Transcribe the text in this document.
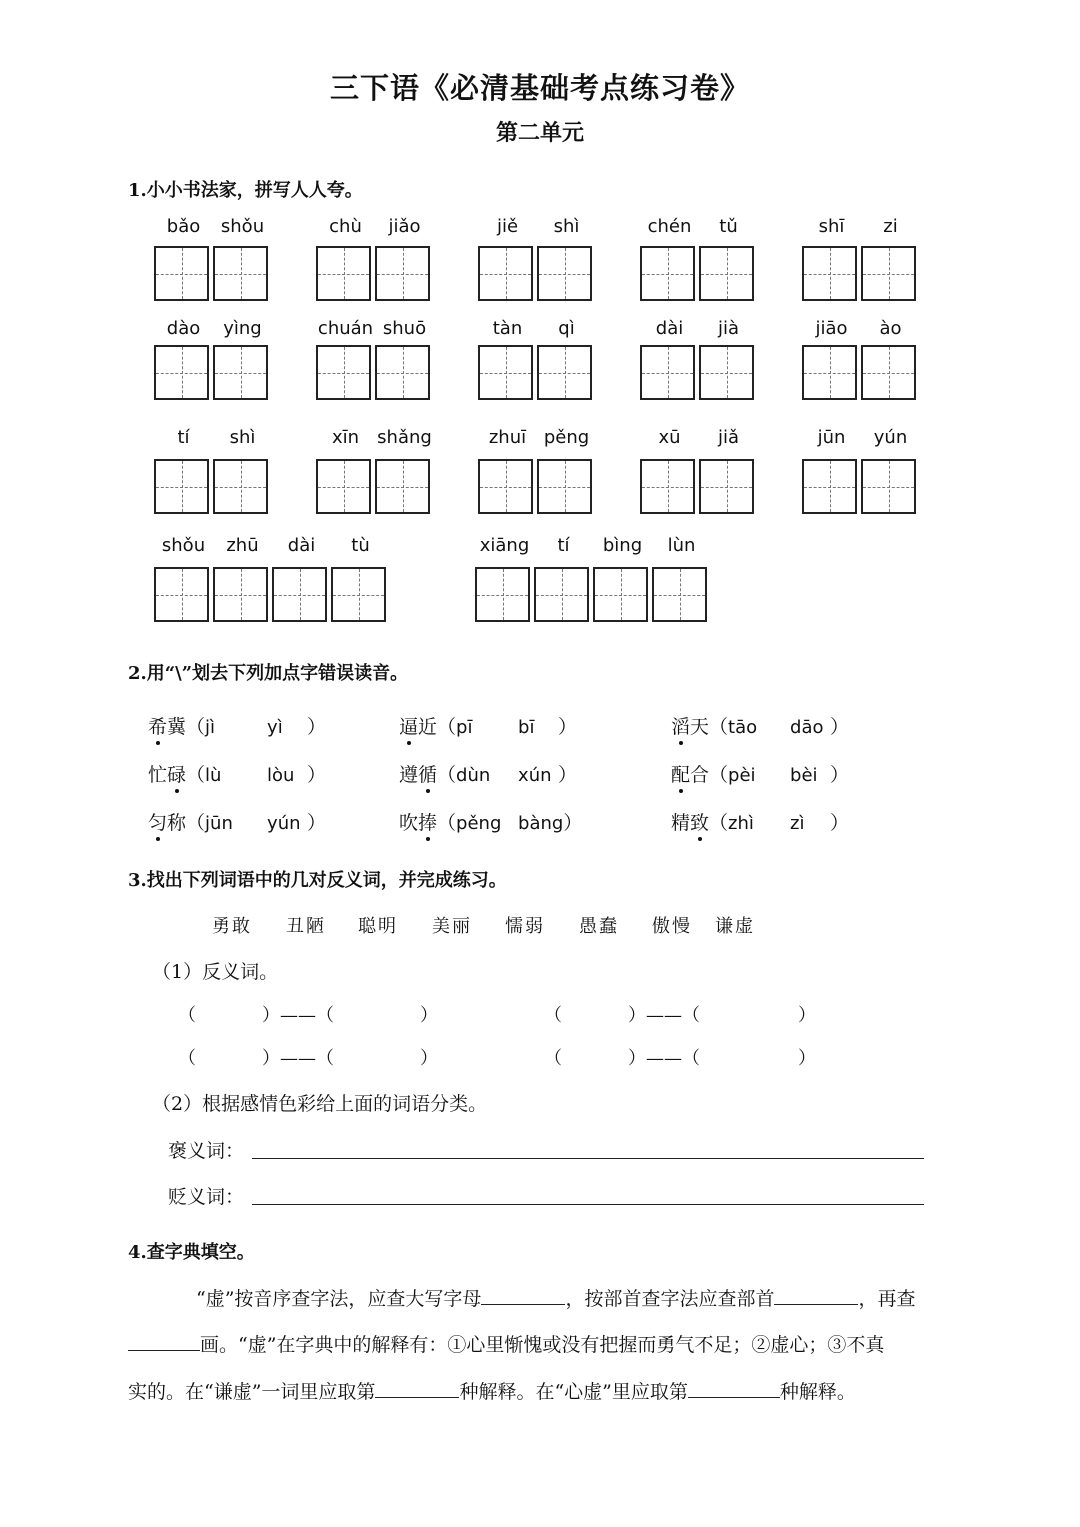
三下语《必清基础考点练习卷》
第二单元
1.小小书法家，拼写人人夸。
bǎo	shǒu	chù	jiǎo	jiě	shì	chén	tǔ	shī	zi
dào	yìng	chuán shuō	tàn	qì	dài	jià	jiāo	ào
tí	shì	xīn	shǎng	zhuī pěng	xū	jiǎ	jūn	yún
shǒu	zhū	dài	tù	xiāng	tí	bìng	lùn
2.用“\”划去下列加点字错误读音。
希冀（jì	yì ）	逼近（pī	bī ）	滔天（tāo dāo ）
忙碌（lù	lòu ）	遵循（dùn xún ）	配合（pèi bèi ）
匀称（jūn yún ）	吹捧（pěng bàng）	精致（zhì zì ）
3.找出下列词语中的几对反义词，并完成练习。
勇敢 丑陋 聪明 美丽 懦弱 愚蠢 傲慢 谦虚
（1）反义词。
（	）——（	）	（	）——（	）
（	）——（	）	（	）——（	）
（2）根据感情色彩给上面的词语分类。
褒义词：
贬义词：
4.查字典填空。
“虚”按音序查字法，应查大写字母	，按部首查字法应查部首	，再查
画。“虚”在字典中的解释有：①心里惭愧或没有把握而勇气不足；②虚心；③不真
实的。在“谦虚”一词里应取第	种解释。在“心虚”里应取第	种解释。
